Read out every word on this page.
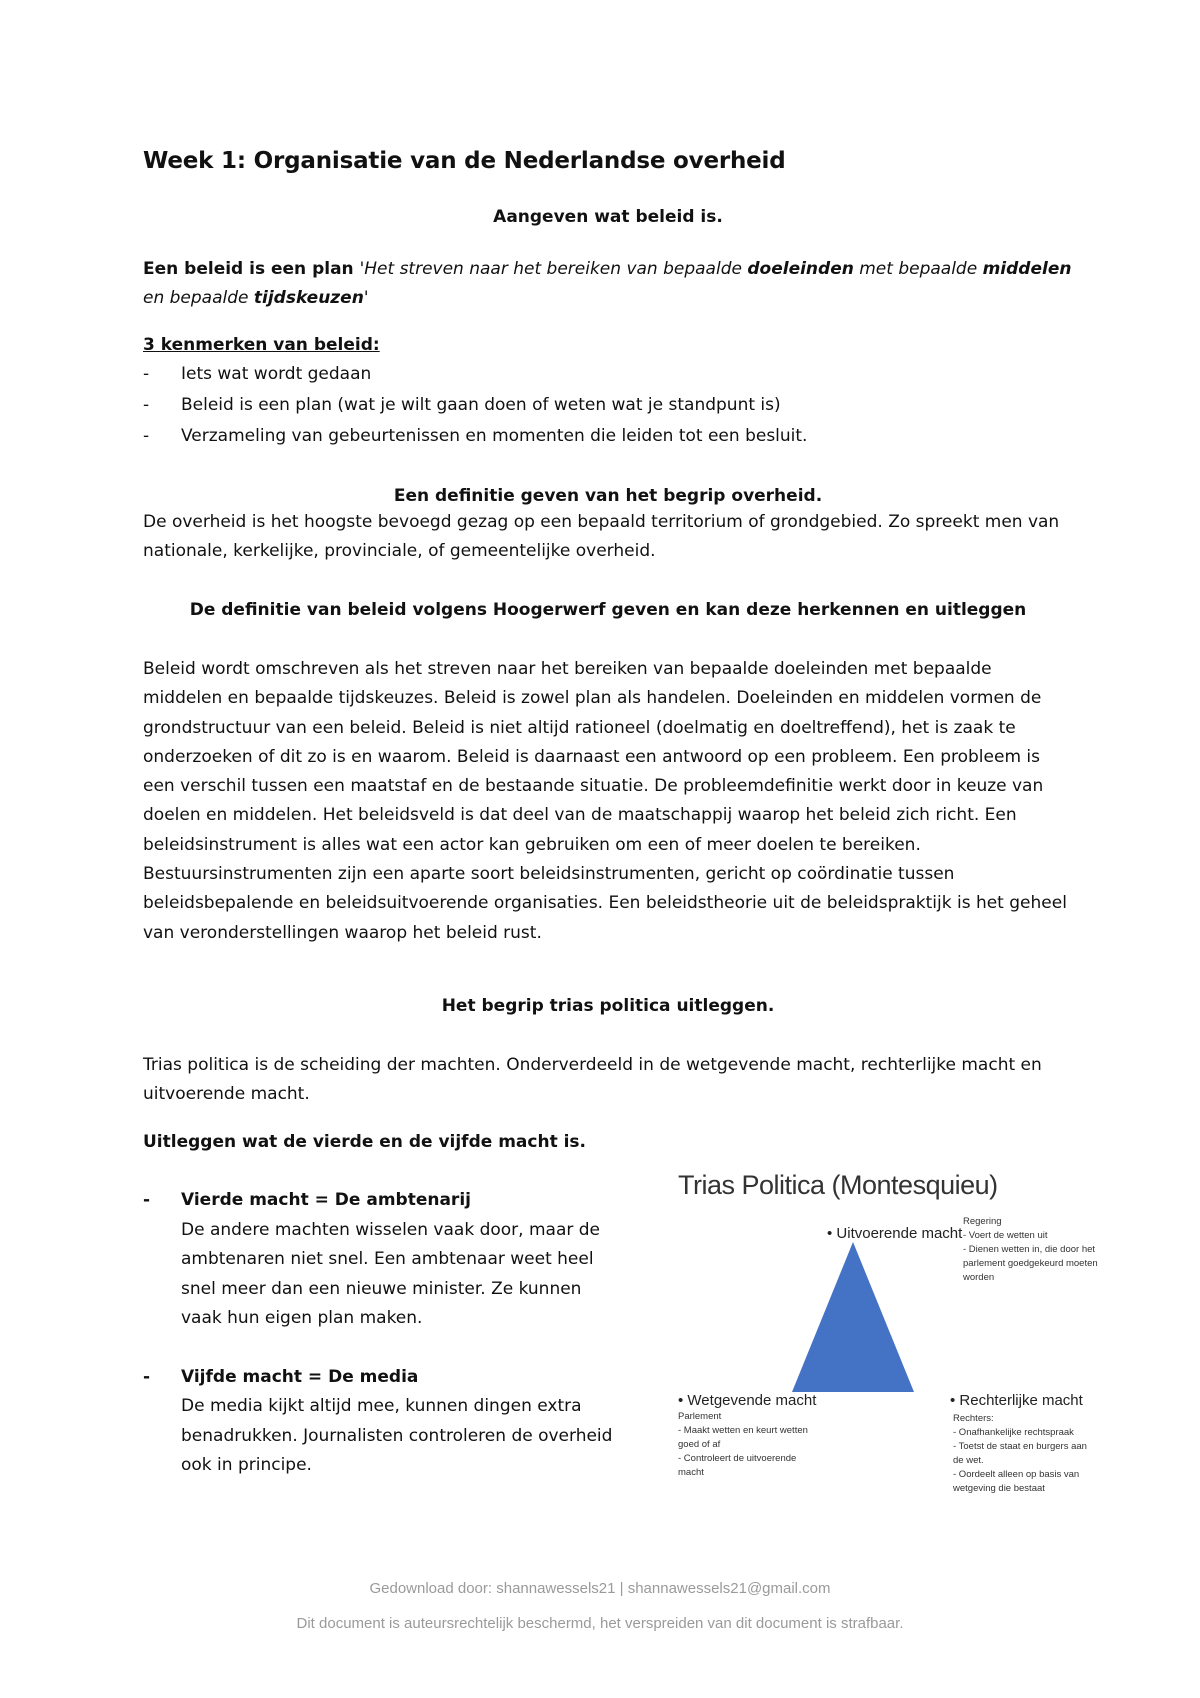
Week 1: Organisatie van de Nederlandse overheid

Aangeven wat beleid is.

Een beleid is een plan 'Het streven naar het bereiken van bepaalde doeleinden met bepaalde middelen en bepaalde tijdskeuzen'

3 kenmerken van beleid:

- Iets wat wordt gedaan
- Beleid is een plan (wat je wilt gaan doen of weten wat je standpunt is)
- Verzameling van gebeurtenissen en momenten die leiden tot een besluit.

Een definitie geven van het begrip overheid.

De overheid is het hoogste bevoegd gezag op een bepaald territorium of grondgebied. Zo spreekt men van nationale, kerkelijke, provinciale, of gemeentelijke overheid.

De definitie van beleid volgens Hoogerwerf geven en kan deze herkennen en uitleggen

Beleid wordt omschreven als het streven naar het bereiken van bepaalde doeleinden met bepaalde middelen en bepaalde tijdskeuzes. Beleid is zowel plan als handelen. Doeleinden en middelen vormen de grondstructuur van een beleid. Beleid is niet altijd rationeel (doelmatig en doeltreffend), het is zaak te onderzoeken of dit zo is en waarom. Beleid is daarnaast een antwoord op een probleem. Een probleem is een verschil tussen een maatstaf en de bestaande situatie. De probleemdefinitie werkt door in keuze van doelen en middelen. Het beleidsveld is dat deel van de maatschappij waarop het beleid zich richt. Een beleidsinstrument is alles wat een actor kan gebruiken om een of meer doelen te bereiken. Bestuursinstrumenten zijn een aparte soort beleidsinstrumenten, gericht op coördinatie tussen beleidsbepalende en beleidsuitvoerende organisaties. Een beleidstheorie uit de beleidspraktijk is het geheel van veronderstellingen waarop het beleid rust.

Het begrip trias politica uitleggen.

Trias politica is de scheiding der machten. Onderverdeeld in de wetgevende macht, rechterlijke macht en uitvoerende macht.

Uitleggen wat de vierde en de vijfde macht is.

- Vierde macht = De ambtenarij
De andere machten wisselen vaak door, maar de ambtenaren niet snel. Een ambtenaar weet heel snel meer dan een nieuwe minister. Ze kunnen vaak hun eigen plan maken.
- Vijfde macht = De media
De media kijkt altijd mee, kunnen dingen extra benadrukken. Journalisten controleren de overheid ook in principe.
Trias Politica (Montesquieu)
• Uitvoerende macht
Regering
- Voert de wetten uit
- Dienen wetten in, die door het
parlement goedgekeurd moeten
worden
• Wetgevende macht
Parlement
- Maakt wetten en keurt wetten
goed of af
- Controleert de uitvoerende
macht
• Rechterlijke macht
Rechters:
- Onafhankelijke rechtspraak
- Toetst de staat en burgers aan
de wet.
- Oordeelt alleen op basis van
wetgeving die bestaat
Gedownload door: shannawessels21 | shannawessels21@gmail.com
Dit document is auteursrechtelijk beschermd, het verspreiden van dit document is strafbaar.
